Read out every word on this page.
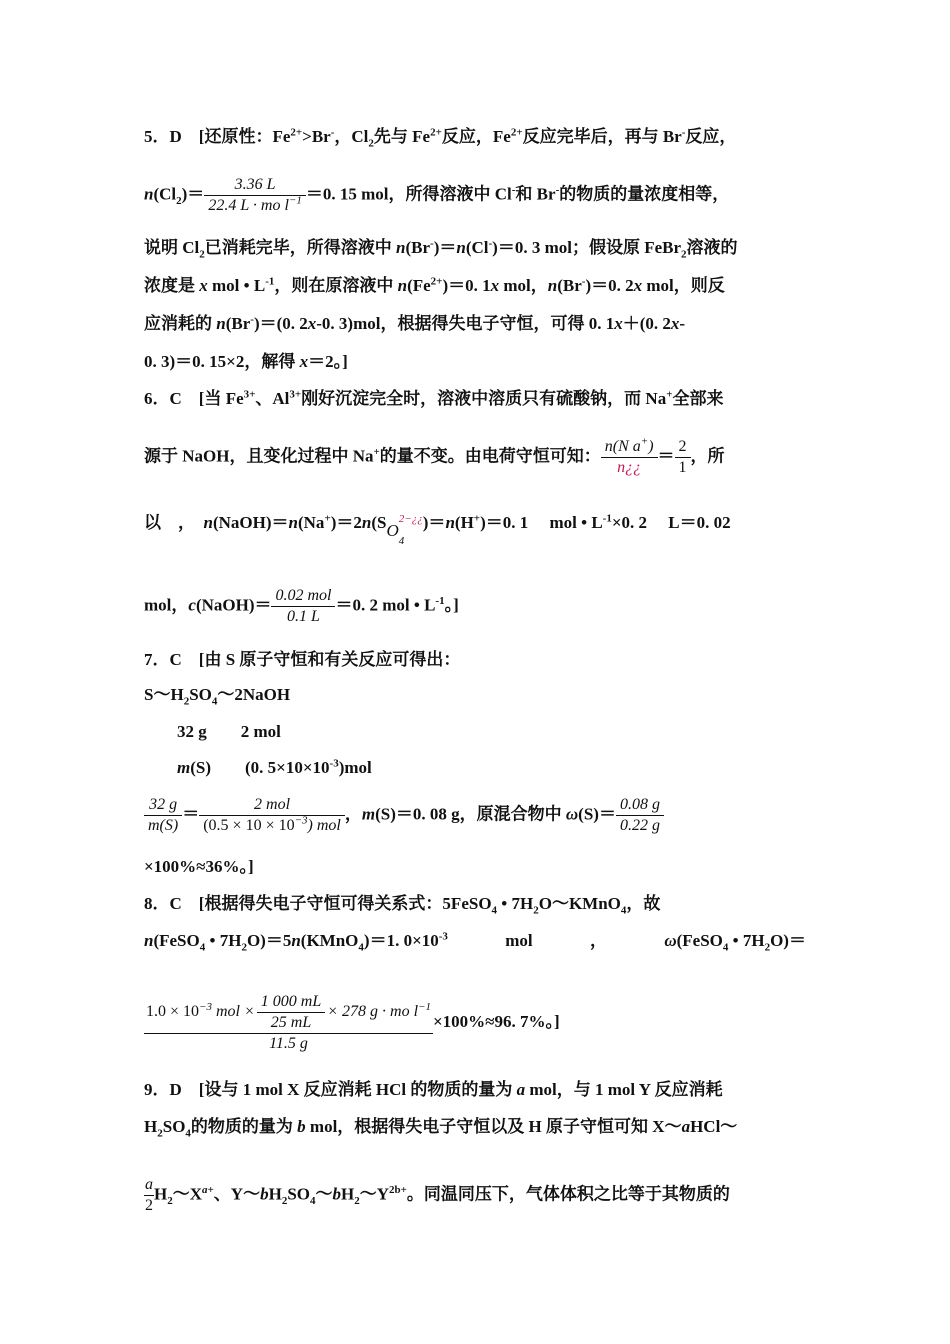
5．D　[还原性：$Fe^{2+}>Br^-$，$Cl_2$先与 $Fe^{2+}$反应，$Fe^{2+}$反应完毕后，再与 Br-反应，
$n(Cl_2)= \frac{3.36 L}{22.4 L \cdot mo l^{-1}} =0$. 15 mol，所得溶液中 Cl-和 Br-的物质的量浓度相等，
说明 $Cl_2$已消耗完毕，所得溶液中 n(Br-)＝n(Cl-)＝0. 3 mol；假设原 FeBr$_2$溶液的
浓度是 x mol • $L^{-1}$，则在原溶液中 $n(Fe^{2+})=0$. 1x mol，n(Br-)＝0. 2x mol，则反
应消耗的 n(Br-)＝(0. 2x-0. 3)mol，根据得失电子守恒，可得 0. 1x＋(0. 2x-
0. 3)＝0. 15×2，解得 x＝2。]
6．C　[当 $Fe^{3+}$、$Al^{3+}$刚好沉淀完全时，溶液中溶质只有硫酸钠，而 Na+全部来
源于 NaOH，且变化过程中 Na+的量不变。由电荷守恒可知： $\frac{n(N a^+)}{n¿¿} = \frac{2}{1}$ ，所
以　，　n(NaOH)＝n(Na+)＝2n(SO
2−¿¿
4
)＝n(H+)＝0. 1　 mol • $L^{-1}\times 0$. 2　 L＝0. 02
mol，c(NaOH)＝ $\frac{\text{0.02 mol}}{0.1 L} =0$. 2 mol • $L^{-1}$。]
7．C　[由 S 原子守恒和有关反应可得出：
$S\sim H_2SO_4\sim 2NaOH$
32 g　　2 mol
m(S)　　(0. $5\times 10\times 10^{-3})mol$
$\frac{32 g}{m(S)} = \frac{\text{2 mol}}{(0.5 \times 10 \times 10^{-3}) mol}$ ，m(S)＝0. 08 g，原混合物中 $\omega(S)= \frac{0.08 g}{0.22 g}$
×100%≈36%。]
8．C　[根据得失电子守恒可得关系式：5FeSO$_4$ • $7H_2O\sim KMnO_4$，故
n(FeSO$_4$ • $7H_2O)=5n(KMnO_4)=1$. $0\times 10^{-3}$	mol	，	ω(FeSO$_4$ • $7H_2O)=$
$\frac{1.0 \times 10^{-3} mol \times \frac{1 000 mL}{25 mL} \times 278 g \cdot mo l^{-1}}{11.5 g} \times 100\%\approx 96$. 7%。]
9．D　[设与 1 mol X 反应消耗 HCl 的物质的量为 a mol，与 1 mol Y 反应消耗
$H_2SO_4$的物质的量为 b mol，根据得失电子守恒以及 H 原子守恒可知 X～aHCl～
$\frac{a}{2}$ $H_2\sim X^{a+}$、$Y\sim bH_2SO_4\sim bH_2\sim Y^{2b+}$。同温同压下，气体体积之比等于其物质的
